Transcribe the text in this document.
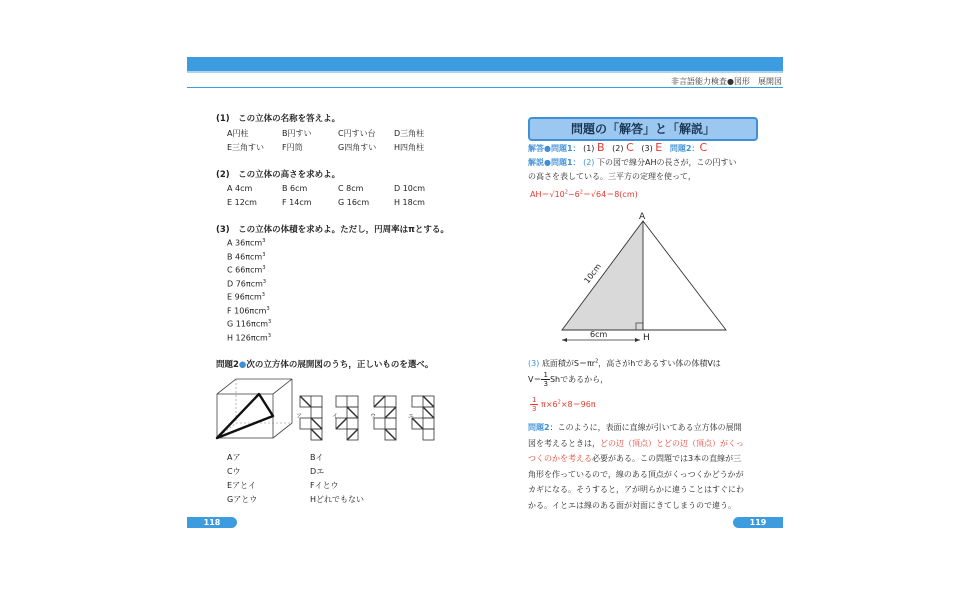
非言語能力検査●図形　展開図
(1)　この立体の名称を答えよ。
A円柱	B円すい	C円すい台 D三角柱
E三角すい F円筒	G四角すい H四角柱
(2)　この立体の高さを求めよ。
A 4cm	B 6cm	C 8cm	D 10cm
E 12cm	F 14cm	G 16cm	H 18cm
(3)　この立体の体積を求めよ。ただし，円周率はπとする。
A 36πcm$^3$
B 46πcm$^3$
C 66πcm$^3$
D 76πcm$^3$
E 96πcm$^3$
F 106πcm$^3$
G 116πcm$^3$
H 126πcm$^3$
問題2●次の立方体の展開図のうち，正しいものを選べ。
ア	イ	ウ	エ
Aア	Bイ
Cウ	Dエ
Eアとイ	Fイとウ
Gアとウ	Hどれでもない
118
問題の「解答」と「解説」
解答●問題1： (1) B (2) C (3) E 問題2：C
解説●問題1： (2) 下の図で線分AHの長さが，この円すい
の高さを表している。三平方の定理を使って，
$AH=√10^2-6^2=√64=8(cm)$
A
H
10cm
6cm
(3) 底面積が$S=\pi r^2$，高さがhであるすい体の体積Vは
$V= \frac{1}{3}$ Shであるから，
$\frac{1}{3} \pi\times 6^2\times 8=96\pi$
問題2：このように，表面に直線が引いてある立方体の展開
図を考えるときは，どの辺（頂点）とどの辺（頂点）がくっ
つくのかを考える必要がある。この問題では3本の直線が三
角形を作っているので，線のある頂点がくっつくかどうかが
カギになる。そうすると，アが明らかに違うことはすぐにわ
かる。イとエは線のある面が対面にきてしまうので違う。
119
